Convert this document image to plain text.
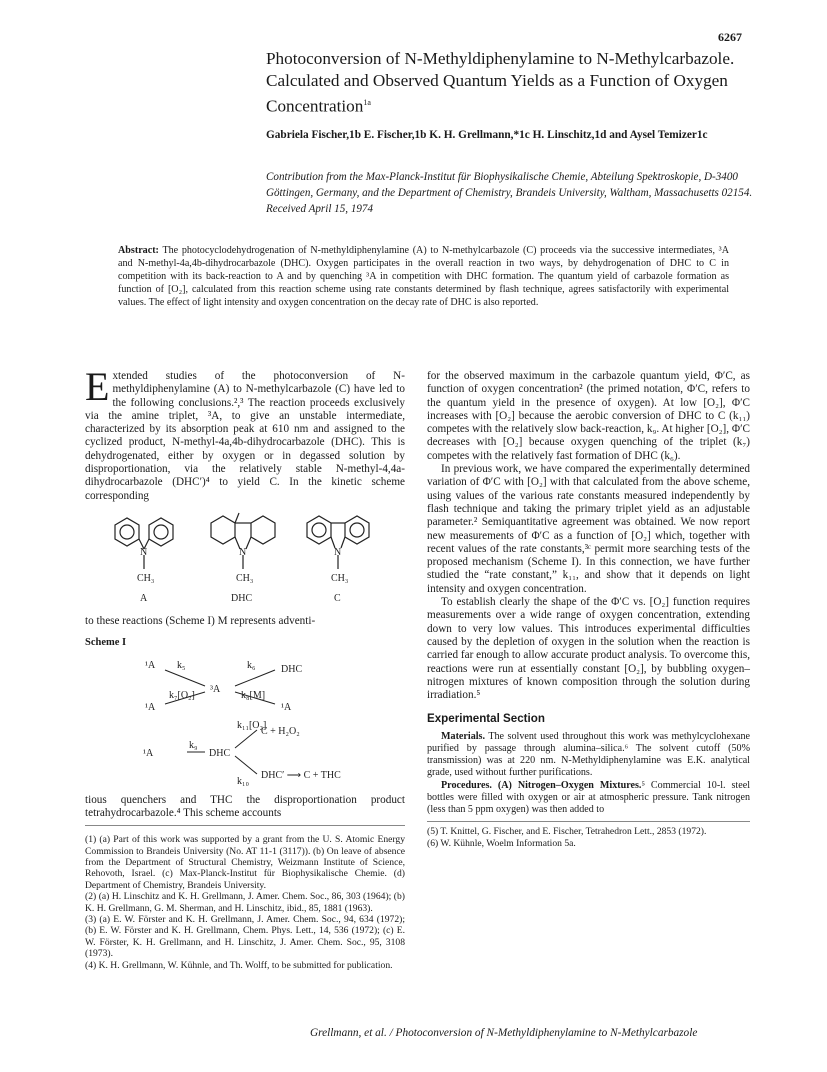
6267
Photoconversion of N-Methyldiphenylamine to N-Methylcarbazole. Calculated and Observed Quantum Yields as a Function of Oxygen Concentration$^{1a}$
Gabriela Fischer,1b E. Fischer,1b K. H. Grellmann,*1c H. Linschitz,1d and Aysel Temizer1c
Contribution from the Max-Planck-Institut für Biophysikalische Chemie, Abteilung Spektroskopie, D-3400 Göttingen, Germany, and the Department of Chemistry, Brandeis University, Waltham, Massachusetts 02154. Received April 15, 1974

Abstract: The photocyclodehydrogenation of N-methyldiphenylamine (A) to N-methylcarbazole (C) proceeds via the successive intermediates, ³A and N-methyl-4a,4b-dihydrocarbazole (DHC). Oxygen participates in the overall reaction in two ways, by dehydrogenation of DHC to C in competition with its back-reaction to A and by quenching ³A in competition with DHC formation. The quantum yield of carbazole formation as function of [O₂], calculated from this reaction scheme using rate constants determined by flash technique, agrees satisfactorily with experimental values. The effect of light intensity and oxygen concentration on the decay rate of DHC is also reported.

Extended studies of the photoconversion of N-methyldiphenylamine (A) to N-methylcarbazole (C) have led to the following conclusions.²,³ The reaction proceeds exclusively via the amine triplet, ³A, to give an unstable intermediate, characterized by its absorption peak at 610 nm and assigned to the cyclized product, N-methyl-4a,4b-dihydrocarbazole (DHC). This is dehydrogenated, either by oxygen or in degassed solution by disproportionation, via the relatively stable N-methyl-4,4a-dihydrocarbazole (DHC′)⁴ to yield C. In the kinetic scheme corresponding

N
CH₃
A
N
CH₃
DHC
N
CH₃
C

to these reactions (Scheme I) M represents adventi-

Scheme I
¹A k₅
³A
k₆	DHC
¹A
k₇[O₂]	k₈[M]
¹A
¹A
k₉
DHC
k₁₁[O₂]
C + H₂O₂
k₁₀
DHC′ ⟶ C + THC

tious quenchers and THC the disproportionation product tetrahydrocarbazole.⁴ This scheme accounts

(1) (a) Part of this work was supported by a grant from the U. S. Atomic Energy Commission to Brandeis University (No. AT 11-1 (3117)). (b) On leave of absence from the Department of Structural Chemistry, Weizmann Institute of Science, Rehovoth, Israel. (c) Max-Planck-Institut für Biophysikalische Chemie. (d) Department of Chemistry, Brandeis University.

(2) (a) H. Linschitz and K. H. Grellmann, J. Amer. Chem. Soc., 86, 303 (1964); (b) K. H. Grellmann, G. M. Sherman, and H. Linschitz, ibid., 85, 1881 (1963).

(3) (a) E. W. Förster and K. H. Grellmann, J. Amer. Chem. Soc., 94, 634 (1972); (b) E. W. Förster and K. H. Grellmann, Chem. Phys. Lett., 14, 536 (1972); (c) E. W. Förster, K. H. Grellmann, and H. Linschitz, J. Amer. Chem. Soc., 95, 3108 (1973).

(4) K. H. Grellmann, W. Kühnle, and Th. Wolff, to be submitted for publication.

for the observed maximum in the carbazole quantum yield, Φ′C, as function of oxygen concentration² (the primed notation, Φ′C, refers to the quantum yield in the presence of oxygen). At low [O₂], Φ′C increases with [O₂] because the aerobic conversion of DHC to C (k₁₁) competes with the relatively slow back-reaction, k₉. At higher [O₂], Φ′C decreases with [O₂] because oxygen quenching of the triplet (k₇) competes with the relatively fast formation of DHC (k₆).

In previous work, we have compared the experimentally determined variation of Φ′C with [O₂] with that calculated from the above scheme, using values of the various rate constants measured independently by flash technique and taking the primary triplet yield as an adjustable parameter.² Semiquantitative agreement was obtained. We now report new measurements of Φ′C as a function of [O₂] which, together with recent values of the rate constants,³ᶜ permit more searching tests of the proposed mechanism (Scheme I). In this connection, we have further studied the “rate constant,” k₁₁, and show that it depends on light intensity and oxygen concentration.

To establish clearly the shape of the Φ′C vs. [O₂] function requires measurements over a wide range of oxygen concentration, extending down to very low values. This introduces experimental difficulties caused by the depletion of oxygen in the solution when the reaction is carried far enough to allow accurate product analysis. To overcome this, reactions were run at essentially constant [O₂], by bubbling oxygen–nitrogen mixtures of known composition through the solution during irradiation.⁵

Experimental Section

Materials. The solvent used throughout this work was methylcyclohexane purified by passage through alumina–silica.⁶ The solvent cutoff (50% transmission) was at 220 nm. N-Methyldiphenylamine was E.K. analytical grade, used without further purifications.

Procedures. (A) Nitrogen–Oxygen Mixtures.⁵ Commercial 10-l. steel bottles were filled with oxygen or air at atmospheric pressure. Tank nitrogen (less than 5 ppm oxygen) was then added to

(5) T. Knittel, G. Fischer, and E. Fischer, Tetrahedron Lett., 2853 (1972).

(6) W. Kühnle, Woelm Information 5a.

Grellmann, et al. / Photoconversion of N-Methyldiphenylamine to N-Methylcarbazole
